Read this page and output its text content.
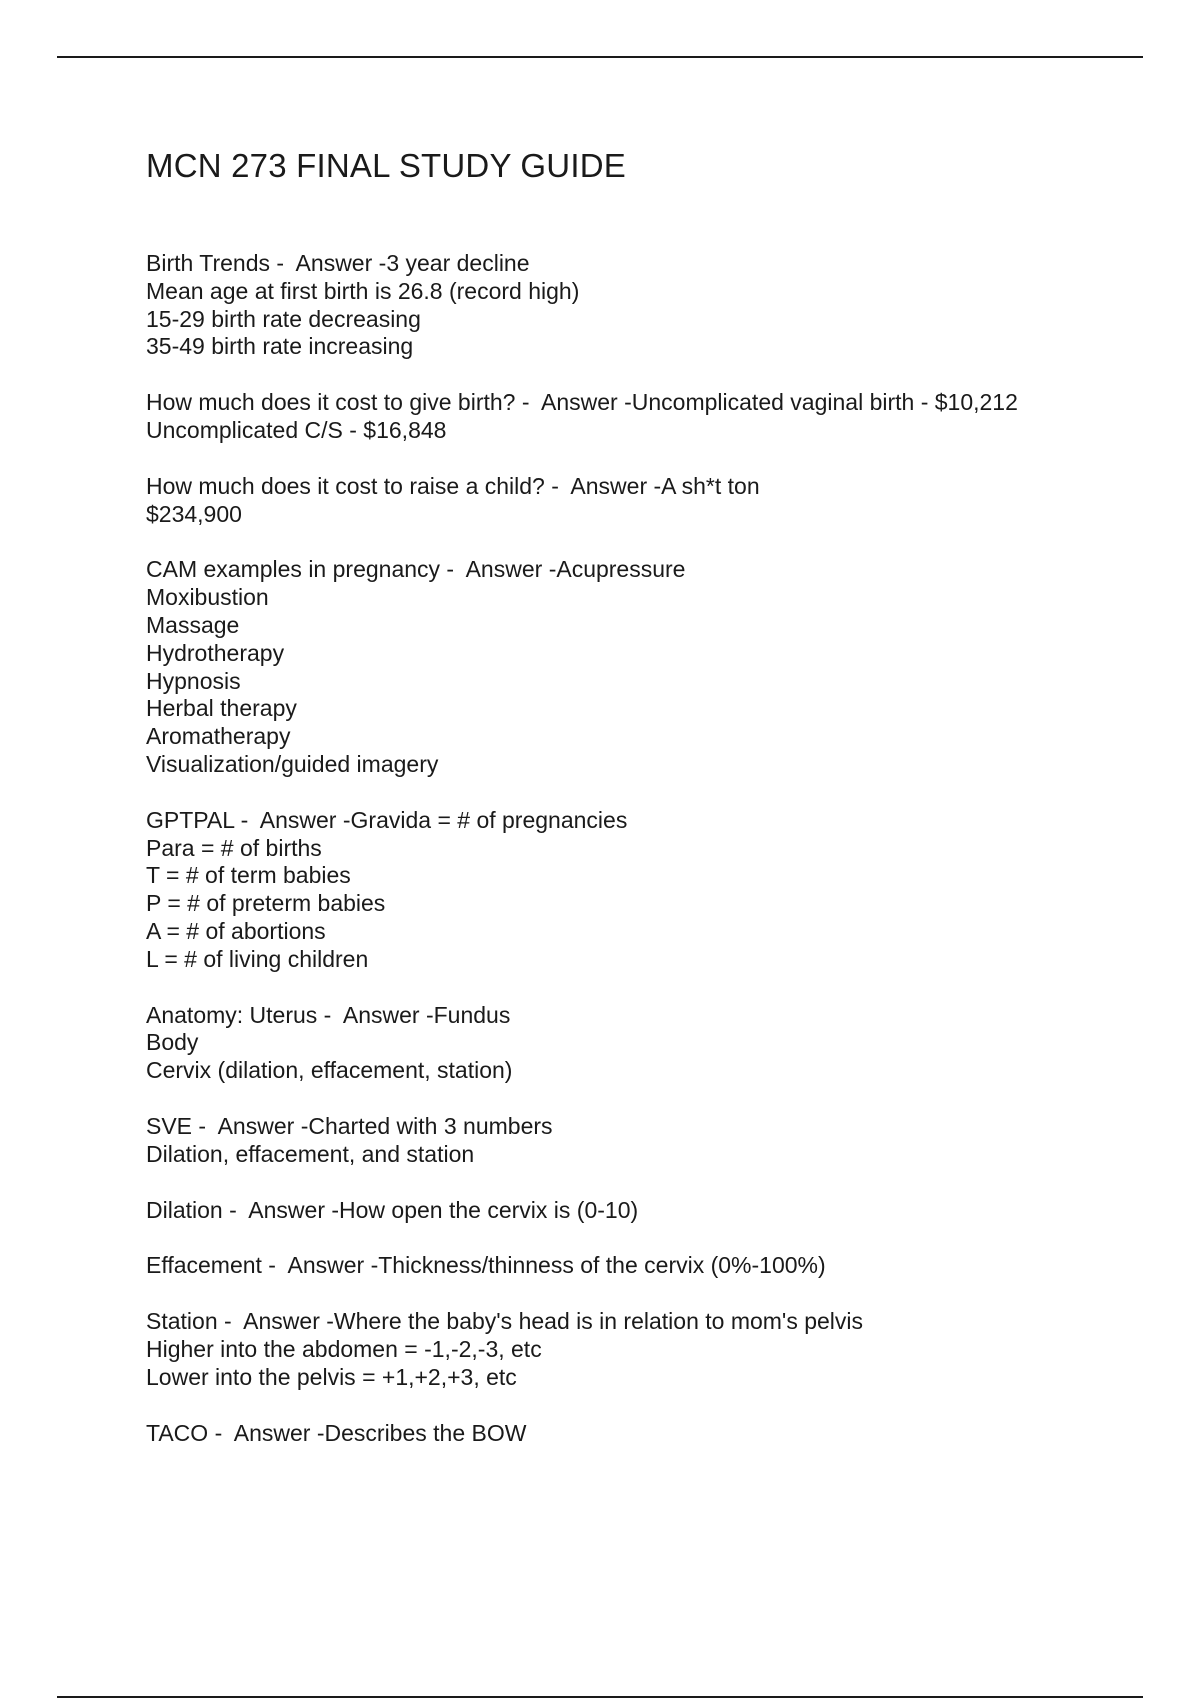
MCN 273 FINAL STUDY GUIDE
Birth Trends -  Answer -3 year decline
Mean age at first birth is 26.8 (record high)
15-29 birth rate decreasing
35-49 birth rate increasing
How much does it cost to give birth? -  Answer -Uncomplicated vaginal birth - $10,212
Uncomplicated C/S - $16,848
How much does it cost to raise a child? -  Answer -A sh*t ton
$234,900
CAM examples in pregnancy -  Answer -Acupressure
Moxibustion
Massage
Hydrotherapy
Hypnosis
Herbal therapy
Aromatherapy
Visualization/guided imagery
GPTPAL -  Answer -Gravida = # of pregnancies
Para = # of births
T = # of term babies
P = # of preterm babies
A = # of abortions
L = # of living children
Anatomy: Uterus -  Answer -Fundus
Body
Cervix (dilation, effacement, station)
SVE -  Answer -Charted with 3 numbers
Dilation, effacement, and station
Dilation -  Answer -How open the cervix is (0-10)
Effacement -  Answer -Thickness/thinness of the cervix (0%-100%)
Station -  Answer -Where the baby's head is in relation to mom's pelvis
Higher into the abdomen = -1,-2,-3, etc
Lower into the pelvis = +1,+2,+3, etc
TACO -  Answer -Describes the BOW
